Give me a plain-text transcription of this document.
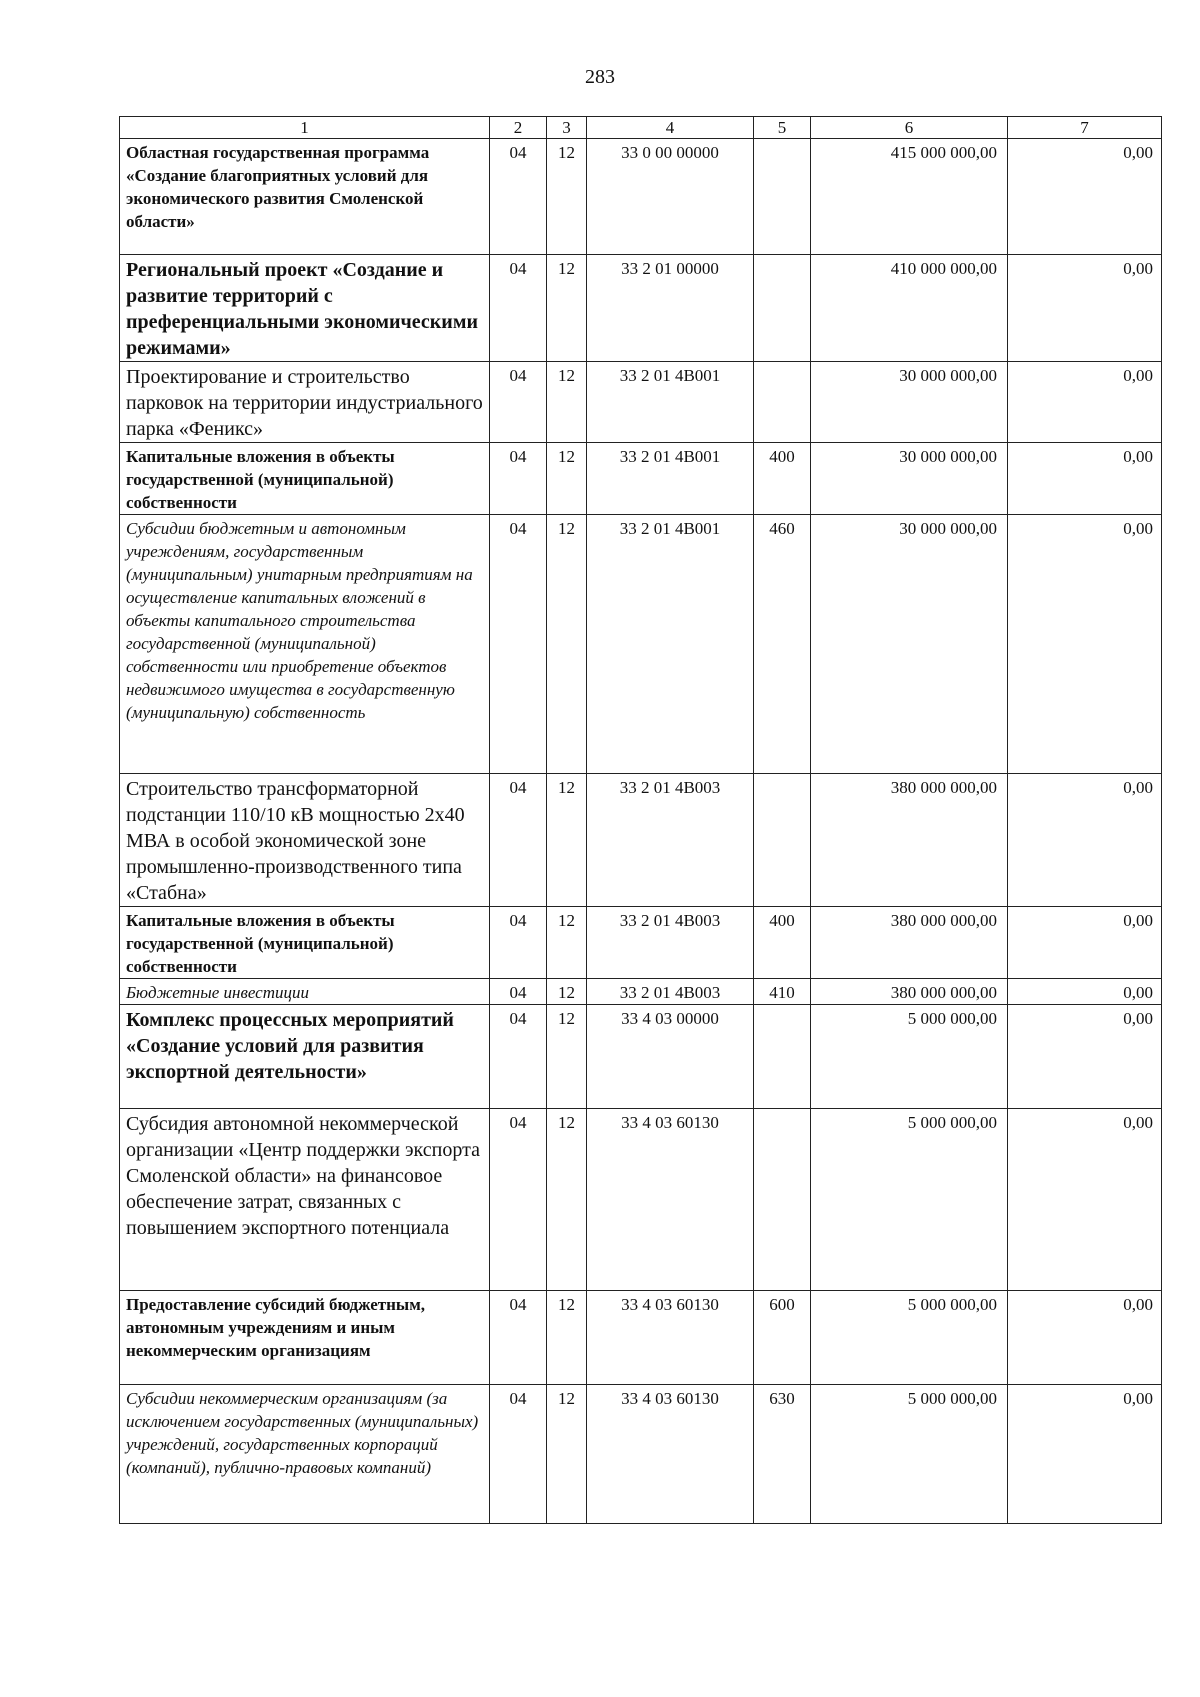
283
1	2	3	4	5	6	7
Областная государственная программа «Создание благоприятных условий для экономического развития Смоленской области»	04	12	33 0 00 00000		415 000 000,00	0,00
Региональный проект «Создание и развитие территорий с преференциальными экономическими режимами»	04	12	33 2 01 00000		410 000 000,00	0,00
Проектирование и строительство парковок на территории индустриального парка «Феникс»	04	12	33 2 01 4В001		30 000 000,00	0,00
Капитальные вложения в объекты государственной (муниципальной) собственности	04	12	33 2 01 4В001	400	30 000 000,00	0,00
Субсидии бюджетным и автономным учреждениям, государственным (муниципальным) унитарным предприятиям на осуществление капитальных вложений в объекты капитального строительства государственной (муниципальной) собственности или приобретение объектов недвижимого имущества в государственную (муниципальную) собственность	04	12	33 2 01 4В001	460	30 000 000,00	0,00
Строительство трансформаторной подстанции 110/10 кВ мощностью 2х40 МВА в особой экономической зоне промышленно-производственного типа «Стабна»	04	12	33 2 01 4В003		380 000 000,00	0,00
Капитальные вложения в объекты государственной (муниципальной) собственности	04	12	33 2 01 4В003	400	380 000 000,00	0,00
Бюджетные инвестиции	04	12	33 2 01 4В003	410	380 000 000,00	0,00
Комплекс процессных мероприятий «Создание условий для развития экспортной деятельности»	04	12	33 4 03 00000		5 000 000,00	0,00
Субсидия автономной некоммерческой организации «Центр поддержки экспорта Смоленской области» на финансовое обеспечение затрат, связанных с повышением экспортного потенциала	04	12	33 4 03 60130		5 000 000,00	0,00
Предоставление субсидий бюджетным, автономным учреждениям и иным некоммерческим организациям	04	12	33 4 03 60130	600	5 000 000,00	0,00
Субсидии некоммерческим организациям (за исключением государственных (муниципальных) учреждений, государственных корпораций (компаний), публично-правовых компаний)	04	12	33 4 03 60130	630	5 000 000,00	0,00
